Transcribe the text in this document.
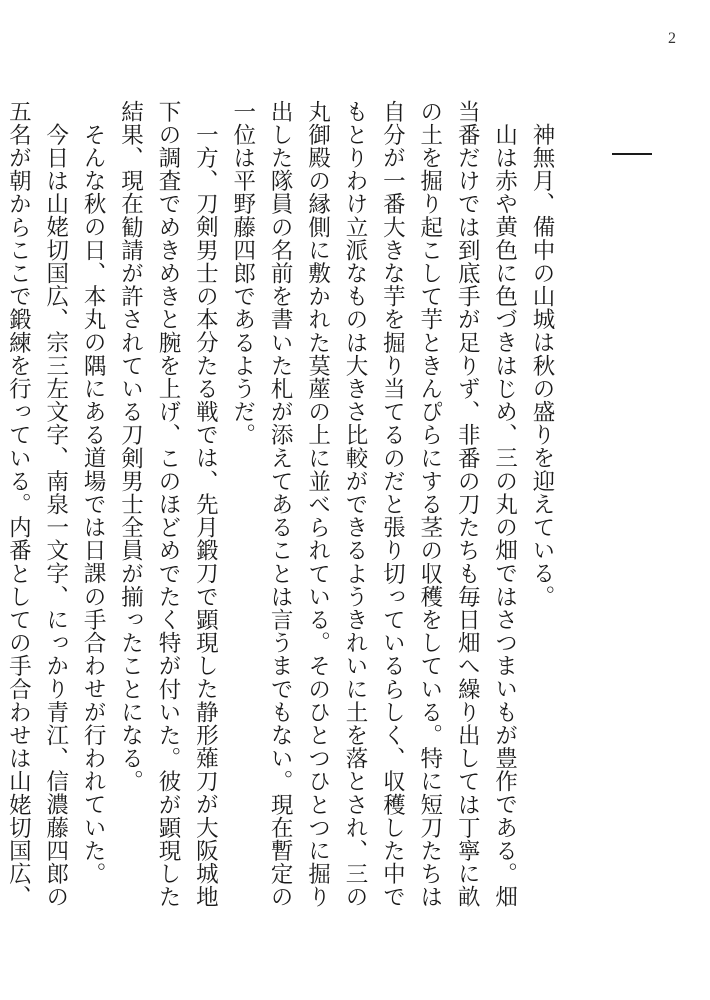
2

神無月、備中の山城は秋の盛りを迎えている。

山は赤や黄色に色づきはじめ、三の丸の畑ではさつまいもが豊作である。畑当番だけでは到底手が足りず、非番の刀たちも毎日畑へ繰り出しては丁寧に畝の土を掘り起こして芋ときんぴらにする茎の収穫をしている。特に短刀たちは自分が一番大きな芋を掘り当てるのだと張り切っているらしく、収穫した中でもとりわけ立派なものは大きさ比較ができるようきれいに土を落とされ、三の丸御殿の縁側に敷かれた茣蓙の上に並べられている。そのひとつひとつに掘り出した隊員の名前を書いた札が添えてあることは言うまでもない。現在暫定の一位は平野藤四郎であるようだ。

一方、刀剣男士の本分たる戦では、先月鍛刀で顕現した静形薙刀が大阪城地下の調査でめきめきと腕を上げ、このほどめでたく特が付いた。彼が顕現した結果、現在勧請が許されている刀剣男士全員が揃ったことになる。

そんな秋の日、本丸の隅にある道場では日課の手合わせが行われていた。

今日は山姥切国広、宗三左文字、南泉一文字、にっかり青江、信濃藤四郎の五名が朝からここで鍛練を行っている。内番としての手合わせは山姥切国広、
